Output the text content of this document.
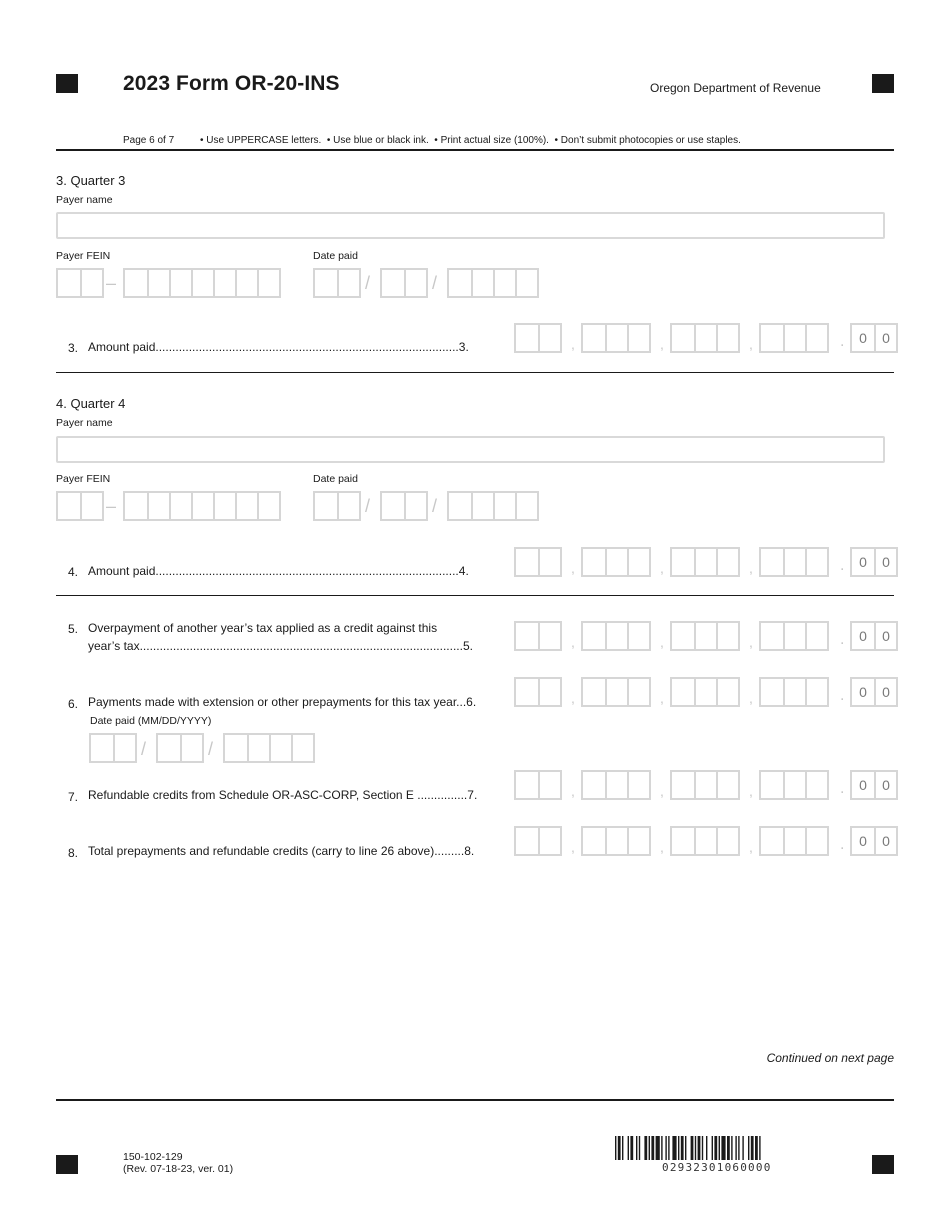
2023 Form OR-20-INS	Oregon Department of Revenue
Page 6 of 7	• Use UPPERCASE letters.  • Use blue or black ink.  • Print actual size (100%).  • Don’t submit photocopies or use staples.
3. Quarter 3
Payer name
Payer FEIN	Date paid
–	/	/
3. Amount paid...........................................................................................3.	,	,	,	.	0	0
4. Quarter 4
Payer name
Payer FEIN	Date paid
–	/	/
4. Amount paid...........................................................................................4.	,	,	,	.	0	0
5. Overpayment of another year’s tax applied as a credit against this
year’s tax.................................................................................................5.	,	,	,	.	0	0
6. Payments made with extension or other prepayments for this tax year...6.	,	,	,	.	0	0
Date paid (MM/DD/YYYY)
/	/
7. Refundable credits from Schedule OR-ASC-CORP, Section E ...............7.	,	,	,	.	0	0
8. Total prepayments and refundable credits (carry to line 26 above).........8.	,	,	,	.	0	0
Continued on next page
150-102-129
(Rev. 07-18-23, ver. 01)	02932301060000
